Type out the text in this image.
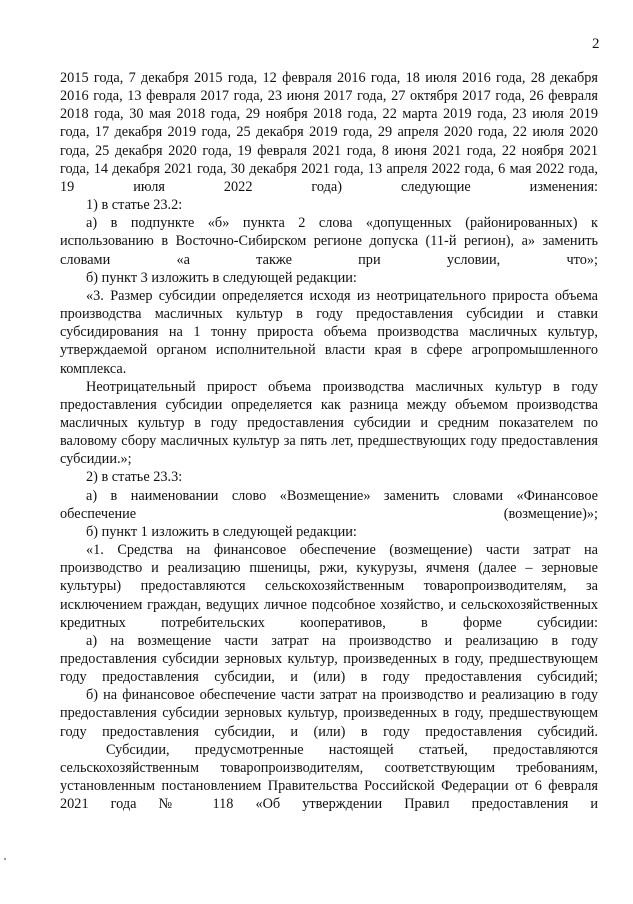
2

2015 года, 7 декабря 2015 года, 12 февраля 2016 года, 18 июля 2016 года, 28 декабря 2016 года, 13 февраля 2017 года, 23 июня 2017 года, 27 октября 2017 года, 26 февраля 2018 года, 30 мая 2018 года, 29 ноября 2018 года, 22 марта 2019 года, 23 июля 2019 года, 17 декабря 2019 года, 25 декабря 2019 года, 29 апреля 2020 года, 22 июля 2020 года, 25 декабря 2020 года, 19 февраля 2021 года, 8 июня 2021 года, 22 ноября 2021 года, 14 декабря 2021 года, 30 декабря 2021 года, 13 апреля 2022 года, 6 мая 2022 года, 19 июля 2022 года) следующие изменения:

1) в статье 23.2:

а) в подпункте «б» пункта 2 слова «допущенных (районированных) к использованию в Восточно-Сибирском регионе допуска (11-й регион), а» заменить словами «а также при условии, что»;

б) пункт 3 изложить в следующей редакции:

«3. Размер субсидии определяется исходя из неотрицательного прироста объема производства масличных культур в году предоставления субсидии и ставки субсидирования на 1 тонну прироста объема производства масличных культур, утверждаемой органом исполнительной власти края в сфере агропромышленного комплекса.

Неотрицательный прирост объема производства масличных культур в году предоставления субсидии определяется как разница между объемом производства масличных культур в году предоставления субсидии и средним показателем по валовому сбору масличных культур за пять лет, предшествующих году предоставления субсидии.»;

2) в статье 23.3:

а) в наименовании слово «Возмещение» заменить словами «Финансовое обеспечение (возмещение)»;

б) пункт 1 изложить в следующей редакции:

«1. Средства на финансовое обеспечение (возмещение) части затрат на производство и реализацию пшеницы, ржи, кукурузы, ячменя (далее – зерновые культуры) предоставляются сельскохозяйственным товаропроизводителям, за исключением граждан, ведущих личное подсобное хозяйство, и сельскохозяйственных кредитных потребительских кооперативов, в форме субсидии:

а) на возмещение части затрат на производство и реализацию в году предоставления субсидии зерновых культур, произведенных в году, предшествующем году предоставления субсидии, и (или) в году предоставления субсидий;

б) на финансовое обеспечение части затрат на производство и реализацию в году предоставления субсидии зерновых культур, произведенных в году, предшествующем году предоставления субсидии, и (или) в году предоставления субсидий.

Субсидии, предусмотренные настоящей статьей, предоставляются сельскохозяйственным товаропроизводителям, соответствующим требованиям, установленным постановлением Правительства Российской Федерации от 6 февраля 2021 года № 118 «Об утверждении Правил предоставления и
